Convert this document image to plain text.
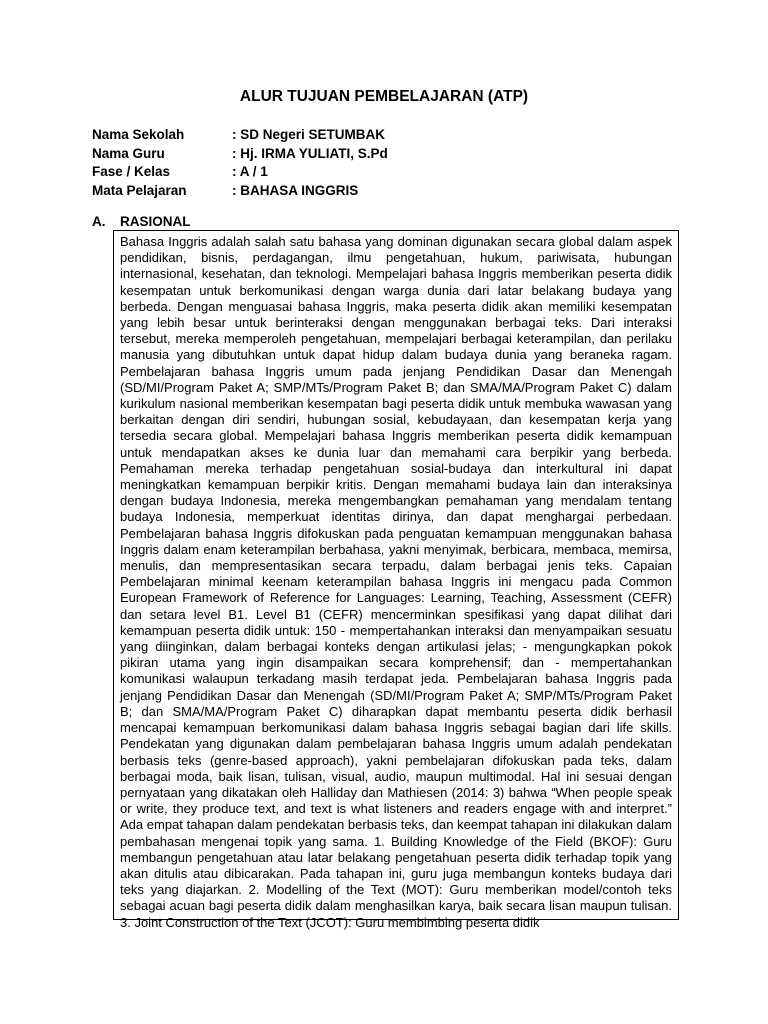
ALUR TUJUAN PEMBELAJARAN (ATP)
Nama Sekolah	: SD Negeri SETUMBAK
Nama Guru	: Hj. IRMA YULIATI, S.Pd
Fase / Kelas	: A / 1
Mata Pelajaran	: BAHASA INGGRIS
A.	RASIONAL

Bahasa Inggris adalah salah satu bahasa yang dominan digunakan secara global dalam aspek pendidikan, bisnis, perdagangan, ilmu pengetahuan, hukum, pariwisata, hubungan internasional, kesehatan, dan teknologi. Mempelajari bahasa Inggris memberikan peserta didik kesempatan untuk berkomunikasi dengan warga dunia dari latar belakang budaya yang berbeda. Dengan menguasai bahasa Inggris, maka peserta didik akan memiliki kesempatan yang lebih besar untuk berinteraksi dengan menggunakan berbagai teks. Dari interaksi tersebut, mereka memperoleh pengetahuan, mempelajari berbagai keterampilan, dan perilaku manusia yang dibutuhkan untuk dapat hidup dalam budaya dunia yang beraneka ragam. Pembelajaran bahasa Inggris umum pada jenjang Pendidikan Dasar dan Menengah (SD/MI/Program Paket A; SMP/MTs/Program Paket B; dan SMA/MA/Program Paket C) dalam kurikulum nasional memberikan kesempatan bagi peserta didik untuk membuka wawasan yang berkaitan dengan diri sendiri, hubungan sosial, kebudayaan, dan kesempatan kerja yang tersedia secara global. Mempelajari bahasa Inggris memberikan peserta didik kemampuan untuk mendapatkan akses ke dunia luar dan memahami cara berpikir yang berbeda. Pemahaman mereka terhadap pengetahuan sosial-budaya dan interkultural ini dapat meningkatkan kemampuan berpikir kritis. Dengan memahami budaya lain dan interaksinya dengan budaya Indonesia, mereka mengembangkan pemahaman yang mendalam tentang budaya Indonesia, memperkuat identitas dirinya, dan dapat menghargai perbedaan. Pembelajaran bahasa Inggris difokuskan pada penguatan kemampuan menggunakan bahasa Inggris dalam enam keterampilan berbahasa, yakni menyimak, berbicara, membaca, memirsa, menulis, dan mempresentasikan secara terpadu, dalam berbagai jenis teks. Capaian Pembelajaran minimal keenam keterampilan bahasa Inggris ini mengacu pada Common European Framework of Reference for Languages: Learning, Teaching, Assessment (CEFR) dan setara level B1. Level B1 (CEFR) mencerminkan spesifikasi yang dapat dilihat dari kemampuan peserta didik untuk: 150 - mempertahankan interaksi dan menyampaikan sesuatu yang diinginkan, dalam berbagai konteks dengan artikulasi jelas; - mengungkapkan pokok pikiran utama yang ingin disampaikan secara komprehensif; dan - mempertahankan komunikasi walaupun terkadang masih terdapat jeda. Pembelajaran bahasa Inggris pada jenjang Pendidikan Dasar dan Menengah (SD/MI/Program Paket A; SMP/MTs/Program Paket B; dan SMA/MA/Program Paket C) diharapkan dapat membantu peserta didik berhasil mencapai kemampuan berkomunikasi dalam bahasa Inggris sebagai bagian dari life skills. Pendekatan yang digunakan dalam pembelajaran bahasa Inggris umum adalah pendekatan berbasis teks (genre-based approach), yakni pembelajaran difokuskan pada teks, dalam berbagai moda, baik lisan, tulisan, visual, audio, maupun multimodal. Hal ini sesuai dengan pernyataan yang dikatakan oleh Halliday dan Mathiesen (2014: 3) bahwa “When people speak or write, they produce text, and text is what listeners and readers engage with and interpret.” Ada empat tahapan dalam pendekatan berbasis teks, dan keempat tahapan ini dilakukan dalam pembahasan mengenai topik yang sama. 1. Building Knowledge of the Field (BKOF): Guru membangun pengetahuan atau latar belakang pengetahuan peserta didik terhadap topik yang akan ditulis atau dibicarakan. Pada tahapan ini, guru juga membangun konteks budaya dari teks yang diajarkan. 2. Modelling of the Text (MOT): Guru memberikan model/contoh teks sebagai acuan bagi peserta didik dalam menghasilkan karya, baik secara lisan maupun tulisan. 3. Joint Construction of the Text (JCOT): Guru membimbing peserta didik
